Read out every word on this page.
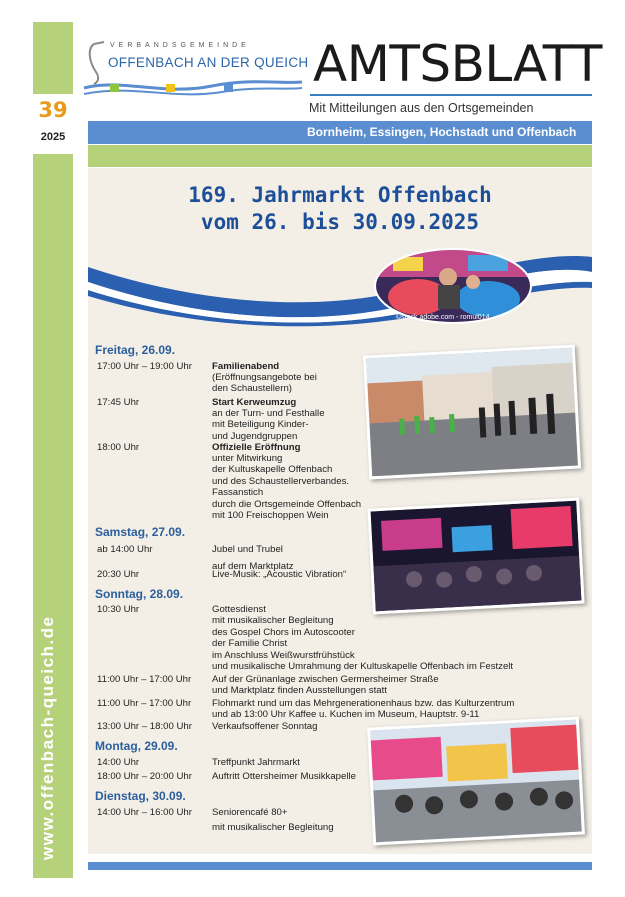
39
2025
www.offenbach-queich.de
VERBANDSGEMEINDE
OFFENBACH AN DER QUEICH AMTSBLATT
Mit Mitteilungen aus den Ortsgemeinden
Bornheim, Essingen, Hochstadt und Offenbach
169. Jahrmarkt Offenbach
vom 26. bis 30.09.2025
©stock.adobe.com - romul014
Freitag, 26.09.
17:00 Uhr – 19:00 Uhr Familienabend
(Eröffnungsangebote bei
den Schaustellern)
17:45 Uhr	Start Kerweumzug
an der Turn- und Festhalle
mit Beteiligung Kinder-
und Jugendgruppen
18:00 Uhr	Offizielle Eröffnung
unter Mitwirkung
der Kultuskapelle Offenbach
und des Schaustellerverbandes.
Fassanstich
durch die Ortsgemeinde Offenbach
mit 100 Freischoppen Wein
Samstag, 27.09.
ab 14:00 Uhr	Jubel und Trubel
auf dem Marktplatz
20:30 Uhr	Live-Musik: „Acoustic Vibration“
Sonntag, 28.09.
10:30 Uhr	Gottesdienst
mit musikalischer Begleitung
des Gospel Chors im Autoscooter
der Familie Christ
im Anschluss Weißwurstfrühstück
und musikalische Umrahmung der Kultuskapelle Offenbach im Festzelt
11:00 Uhr – 17:00 Uhr Auf der Grünanlage zwischen Germersheimer Straße
und Marktplatz finden Ausstellungen statt
11:00 Uhr – 17:00 Uhr Flohmarkt rund um das Mehrgenerationenhaus bzw. das Kulturzentrum
und ab 13:00 Uhr Kaffee u. Kuchen im Museum, Hauptstr. 9-11
13:00 Uhr – 18:00 Uhr Verkaufsoffener Sonntag
Montag, 29.09.
14:00 Uhr	Treffpunkt Jahrmarkt
18:00 Uhr – 20:00 Uhr Auftritt Ottersheimer Musikkapelle
Dienstag, 30.09.
14:00 Uhr – 16:00 Uhr Seniorencafé 80+
mit musikalischer Begleitung
